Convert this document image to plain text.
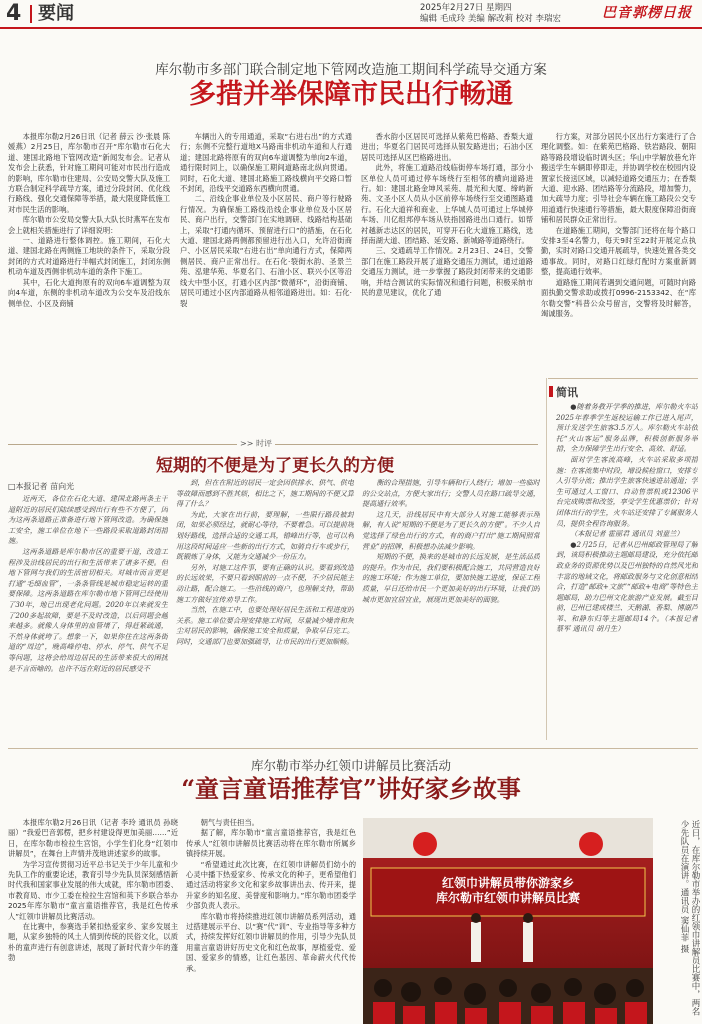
4 要闻	2025年2月27日 星期四
编辑 毛成玲 美编 解改莉 校对 李瑞宏	巴音郭楞日报
库尔勒市多部门联合制定地下管网改造施工期间科学疏导交通方案
多措并举保障市民出行畅通

本报库尔勒2月26日讯（记者 薛云 沙·张晨 陈媛燕）2月25日，库尔勒市召开“库尔勒市石化大道、建国北路地下管网改造”新闻发布会。记者从发布会上获悉，针对施工期间可能对市民出行造成的影响，库尔勒市住建局、公安局交警大队及施工方联合制定科学疏导方案，通过分段封闭、优化线行路线、强化交通保障等举措，最大限度降低施工对市民生活的影响。

库尔勒市公安局交警大队大队长时燕军在发布会上就相关措施进行了详细说明：

一、道路进行整体调控。施工期间，石化大道、建国北路在两侧施工地块的条件下，采取分段封闭的方式对道路进行半幅式封闭施工，封闭东侧机动车道及西侧非机动车道的条件下施工。

其中，石化大道拘原有的双向6车道调整为双向4车道，东侧的非机动车道改为公交车及沿线东侧单位、小区及商铺

车辆出入的专用通道，采取“右进右出”的方式通行；东侧不完整行道地X马路南非机动车道和人行通道；建国北路将原有的双向6车道调整为单向2车道，通行限时同上，以确保施工期间道路南北纵向贯通。同时，石化大道、建国北路施工路线横向平交路口暂不封闭，沿线平交道路东西横向贯通。

二、沿线企事业单位及小区居民、商户等行驶路行情况。为确保施工路线沿线企事业单位及小区居民、商户出行，交警部门在实地调研、线路结构基础上，采取“打通内循环、预留进行口”的措施，在石化大道、建国北路两侧都预留进行出入口，允许沿街商户、小区居民采取“右进右出”单向通行方式，保障两侧居民、商户正常出行。在石化·裂街水韵、圣景兰苑、泓建华苑、华夏名门、石油小区、联兴小区等沿线大中型小区，打通小区内部“微循环”，沿街商铺、居民可通过小区内部道路从相邻道路进出。如：石化·裂

香水韵小区居民可选择从紫苑巴格路、香梨大道进出；华夏名门居民可选择从银发路进出；石油小区居民可选择从区巴格路进出。

此外，将施工道路沿线临街停车场打通，部分小区单位人员可通过停车场绕行至相邻的横向道路进行。如：建国北路金坤风采苑、晨光和大厦、缔屿新苑、文圣小区人员从小区前停车场绕行至交通图路通行。石化大道祥和商业、上华城人员可通过上华城停车场、川亿组邦停车场从铁指园路进出口通行。如帮衬越新志达区的居民，可穿开石化大道施工路线，选择南湖大道、团结路、延安路、新城路等道路绕行。

三、交通疏导工作情况。2月23日、24日，交警部门在施工路段开展了道路交通压力测试，通过道路交通压力测试，进一步掌握了路段封闭带来的交通影响，并结合测试的实际情况和通行问题，积极采纳市民的意见建议，优化了通

行方案，对部分居民小区出行方案进行了合理化调整。如：在紫苑巴格路、铁岩路段、朝阳路等路段增设临时调头区；华山中学解放巷允许搬送学生车辆即停即走，并协调学校在校园内设置家长接送区域，以减轻道路交通压力；在香梨大道、迎水路、团结路等分流路段，增加警力，加大疏导力度；引导社会车辆在施工路段公交专用道通行快速通行等措施，最大限度保障沿街商铺和居民群众正常出行。

在道路施工期间，交警部门还将在每个路口安排3至4名警力，每天9时至22时开展定点执勤，实时对路口交通开展疏导，快速处置各类交通事故。同时，对路口红绿灯配时方案重新调整，提高通行效率。

道路施工期间若遇到交通问题，可随时向路面执勤交警求助或拨打0996-2153342、在“库尔勒交警”科普公众号留言，交警将及时解答，竭诚服务。

>> 时评
简讯

●随着务教开学季的推进，库尔勒火车站2025年春季学生返校运输工作已进入尾声，预计发送学生旅客3.5万人。库尔勒火车站依托“火山客运”服务品牌，积极创新服务举措，全力保障学生出行安全、高效、舒适。

面对学生客流高峰，火车站采取多项措施：在客流集中时段，增设候检窗口，安排专人引导分流；推出学生旅客快速进站通道；学生可通过人工窗口、自动售票机或12306平台完成购票和改签，享受学生优惠票价；针对团体出行的学生，火车站还安排了专属服务人员，提供全程咨询服务。

（本报记者 霍丽君 通讯员 刘童兰）

●2月25日，记者从巴州邮政管理局了解到，该局积极推动主题邮局建设，充分依托邮政业务的资源优势以及巴州独特的自然风光和丰富的地域文化，将邮政服务与文化创意相结合，打造“邮政+文旅”“邮政+电商”等特色主题邮局，助力巴州文化旅游产业发展。截至目前，巴州已建成楼兰、天鹅湖、香梨、博湖芦苇、和静东归等主题邮局14个。（本报记者 蔡军 通讯员 胡月生）

短期的不便是为了更长久的方便
□本报记者 苗向光

近两天，各位在石化大道、建国北路两条主干道附近的居民们陆续感受到出行有些不方便了，因为这两条道路正准备进行地下管网改造。为确保施工安全，施工单位在地下一些路段采取道路封闭措施。

这两条道路是库尔勒市区的重要干道，改造工程涉及沿线居民的出行和生活带来了诸多不便。但地下管网与我们的生活密切相关。对城市而言更是打通“毛细血管”，一条条管线是城市稳定运转的重要保障。这两条道路在库尔勒市地下管网已经使用了30年，地已出现老化问题。2020年以来就发生了200多起故障，要是不及时改造，以后同题会越来越多。就像人身体里的血管堵了，得赶紧疏通，不然身体就垮了。想象一下，如果你住在这两条街道的“周边”，晚高峰停电、停水、停气、供气不足等问题，这将会给周边居民的生活带来很大的困扰是不言而喻的。也许不远在附近的居民感受不

到，但在在附近的居民一定会因供排水、供气、供电等故障而感到不胜其烦，相比之下，施工期间的不便又算得了什么？

为此，大家在出行前，要理解，一些限行路段被封闭，如果必须经过，就耐心等待，不要着急。可以提前规划好路线，选择合适的交通工具，错峰出行等，也可以利用这段时间适应一些新的出行方式，如骑自行车或步行，既锻炼了身体，又能为交通减少一份压力。

另外，对施工这件事，要有正确的认识。要看到改造的长远效果，不要只看到眼前的一点不便，不少居民能主动让路，配合施工。一些沿线的商户，也理解支持，帮助施工方做好宣传劝导工作。

当然，在施工中，也要处理好居民生活和工程进度的关系。施工单位要合理安排施工时间，尽量减少噪音和灰尘对居民的影响，确保施工安全和质量，争取早日完工。同时，交通部门也要加强疏导，让市民的出行更加顺畅。

衡的合理措施，引导车辆和行人绕行；增加一些临时的公交站点，方便大家出行；交警人员在路口疏导交通，提高通行效率。

这几天，沿线居民中有大部分人对施工能够表示理解，有人说“短期的不便是为了更长久的方便”。不少人自觉选择了绿色出行的方式，有的商户打出“施工期间照常营业”的招牌，积极想办法减少影响。

短期的不便，换来的是城市的长远发展，是生活品质的提升。作为市民，我们要积极配合施工，共同营造良好的施工环境；作为施工单位，要加快施工进度，保证工程质量，早日还给市民一个更加美好的出行环境，让我们的城市更加宜居宜业，展现出更加美好的面貌。

库尔勒市举办红领巾讲解员比赛活动
“童言童语推荐官”讲好家乡故事

本报库尔勒2月26日讯（记者 李玲 通讯员 孙晓丽）“我爱巴音郭楞，把乡村建设得更加美丽……”近日，在库尔勒市检拉生宫馆，小学生们化身“红领巾讲解员”，在舞台上声情并茂地讲述家乡的故事。

为学习宣传贯彻习近平总书记关于少年儿童和少先队工作的重要论述，教育引导少先队员深刻感悟新时代我和国家事业发展的伟大成就，库尔勒市团委、市教育局、市少工委在检拉生宫馆和英下乡联合举办2025年库尔勒市“童言童语推荐官，我是红色传承人”红领巾讲解员比赛活动。

在比赛中，参赛选手紧扣热爱家乡、家乡发展主题，从家乡独特的风土人情到传统的民俗文化，以质朴的童声进行有创意讲述，展现了新时代青少年的蓬勃

朝气与责任担当。

据了解，库尔勒市“童言童语推荐官，我是红色传承人”红领巾讲解员比赛活动将在库尔勒市所属乡镇持续开展。

“希望通过此次比赛，在红领巾讲解员们幼小的心灵中播下热爱家乡、传承文化的种子，更希望他们通过活动将家乡文化和家乡故事讲出去、传开来，提升家乡的知名度、美誉度和影响力。”库尔勒市团委学少部负责人表示。

库尔勒市将持续推进红领巾讲解员系列活动，通过搭建展示平台、以“赛”代“训”、专业指导等多种方式，持续发挥好红领巾讲解员的作用，引导少先队员用童言童语讲好历史文化和红色故事，厚植爱党、爱国、爱家乡的情感，让红色基因、革命薪火代代传承。

红领巾讲解员带你游家乡
库尔勒市红领巾讲解员比赛	近日，在库尔勒市举办的红领巾讲解员比赛中，两名少先队员在演讲。通讯员 窦仙菲 摄
